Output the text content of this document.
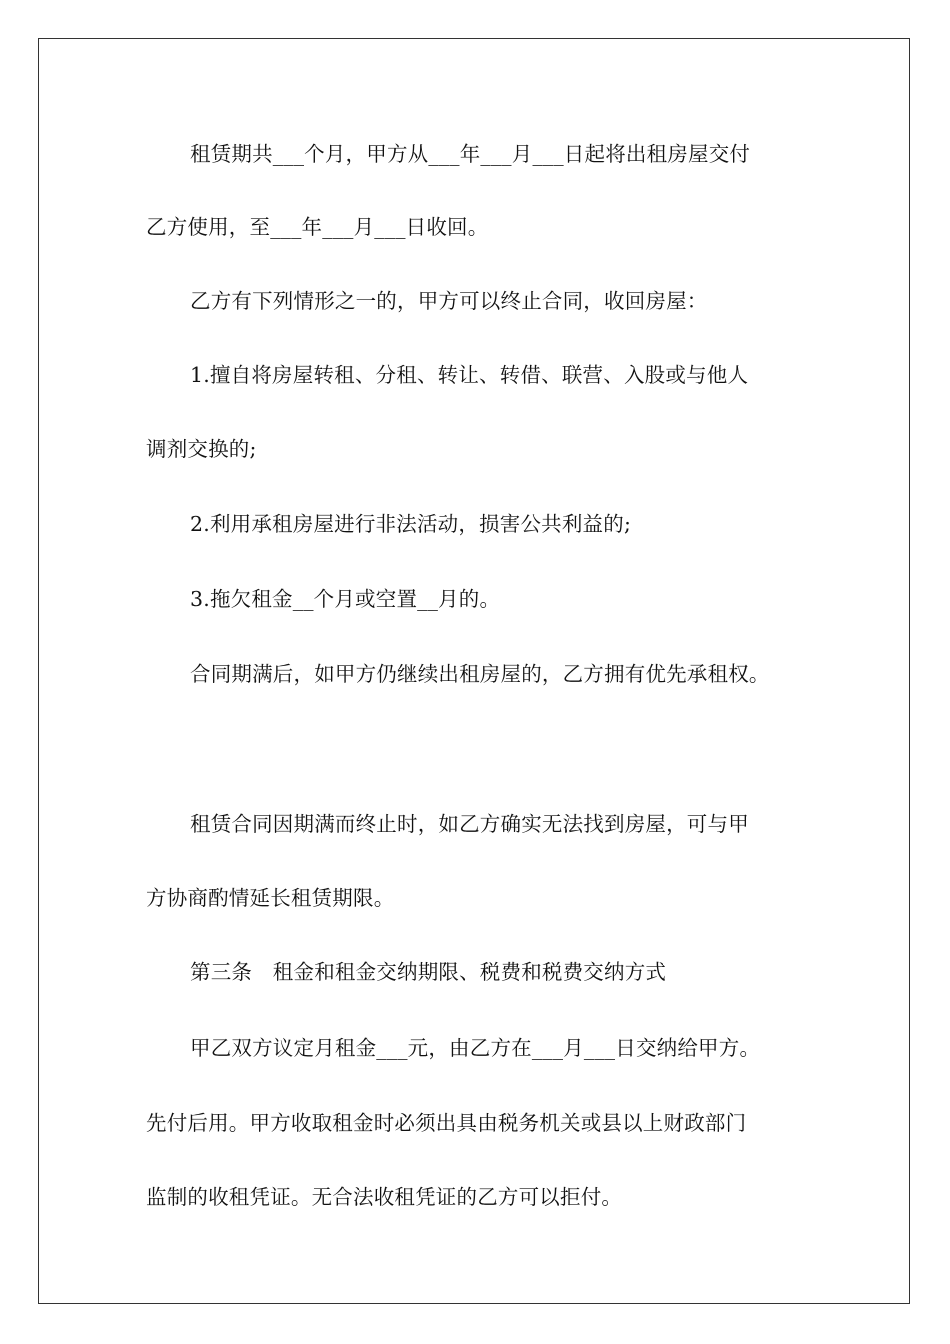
租赁期共___个月，甲方从___年___月___日起将出租房屋交付
乙方使用，至___年___月___日收回。
乙方有下列情形之一的，甲方可以终止合同，收回房屋：
1.擅自将房屋转租、分租、转让、转借、联营、入股或与他人
调剂交换的;
2.利用承租房屋进行非法活动，损害公共利益的;
3.拖欠租金__个月或空置__月的。
合同期满后，如甲方仍继续出租房屋的，乙方拥有优先承租权。
租赁合同因期满而终止时，如乙方确实无法找到房屋，可与甲
方协商酌情延长租赁期限。
第三条　租金和租金交纳期限、税费和税费交纳方式
甲乙双方议定月租金___元，由乙方在___月___日交纳给甲方。
先付后用。甲方收取租金时必须出具由税务机关或县以上财政部门
监制的收租凭证。无合法收租凭证的乙方可以拒付。
